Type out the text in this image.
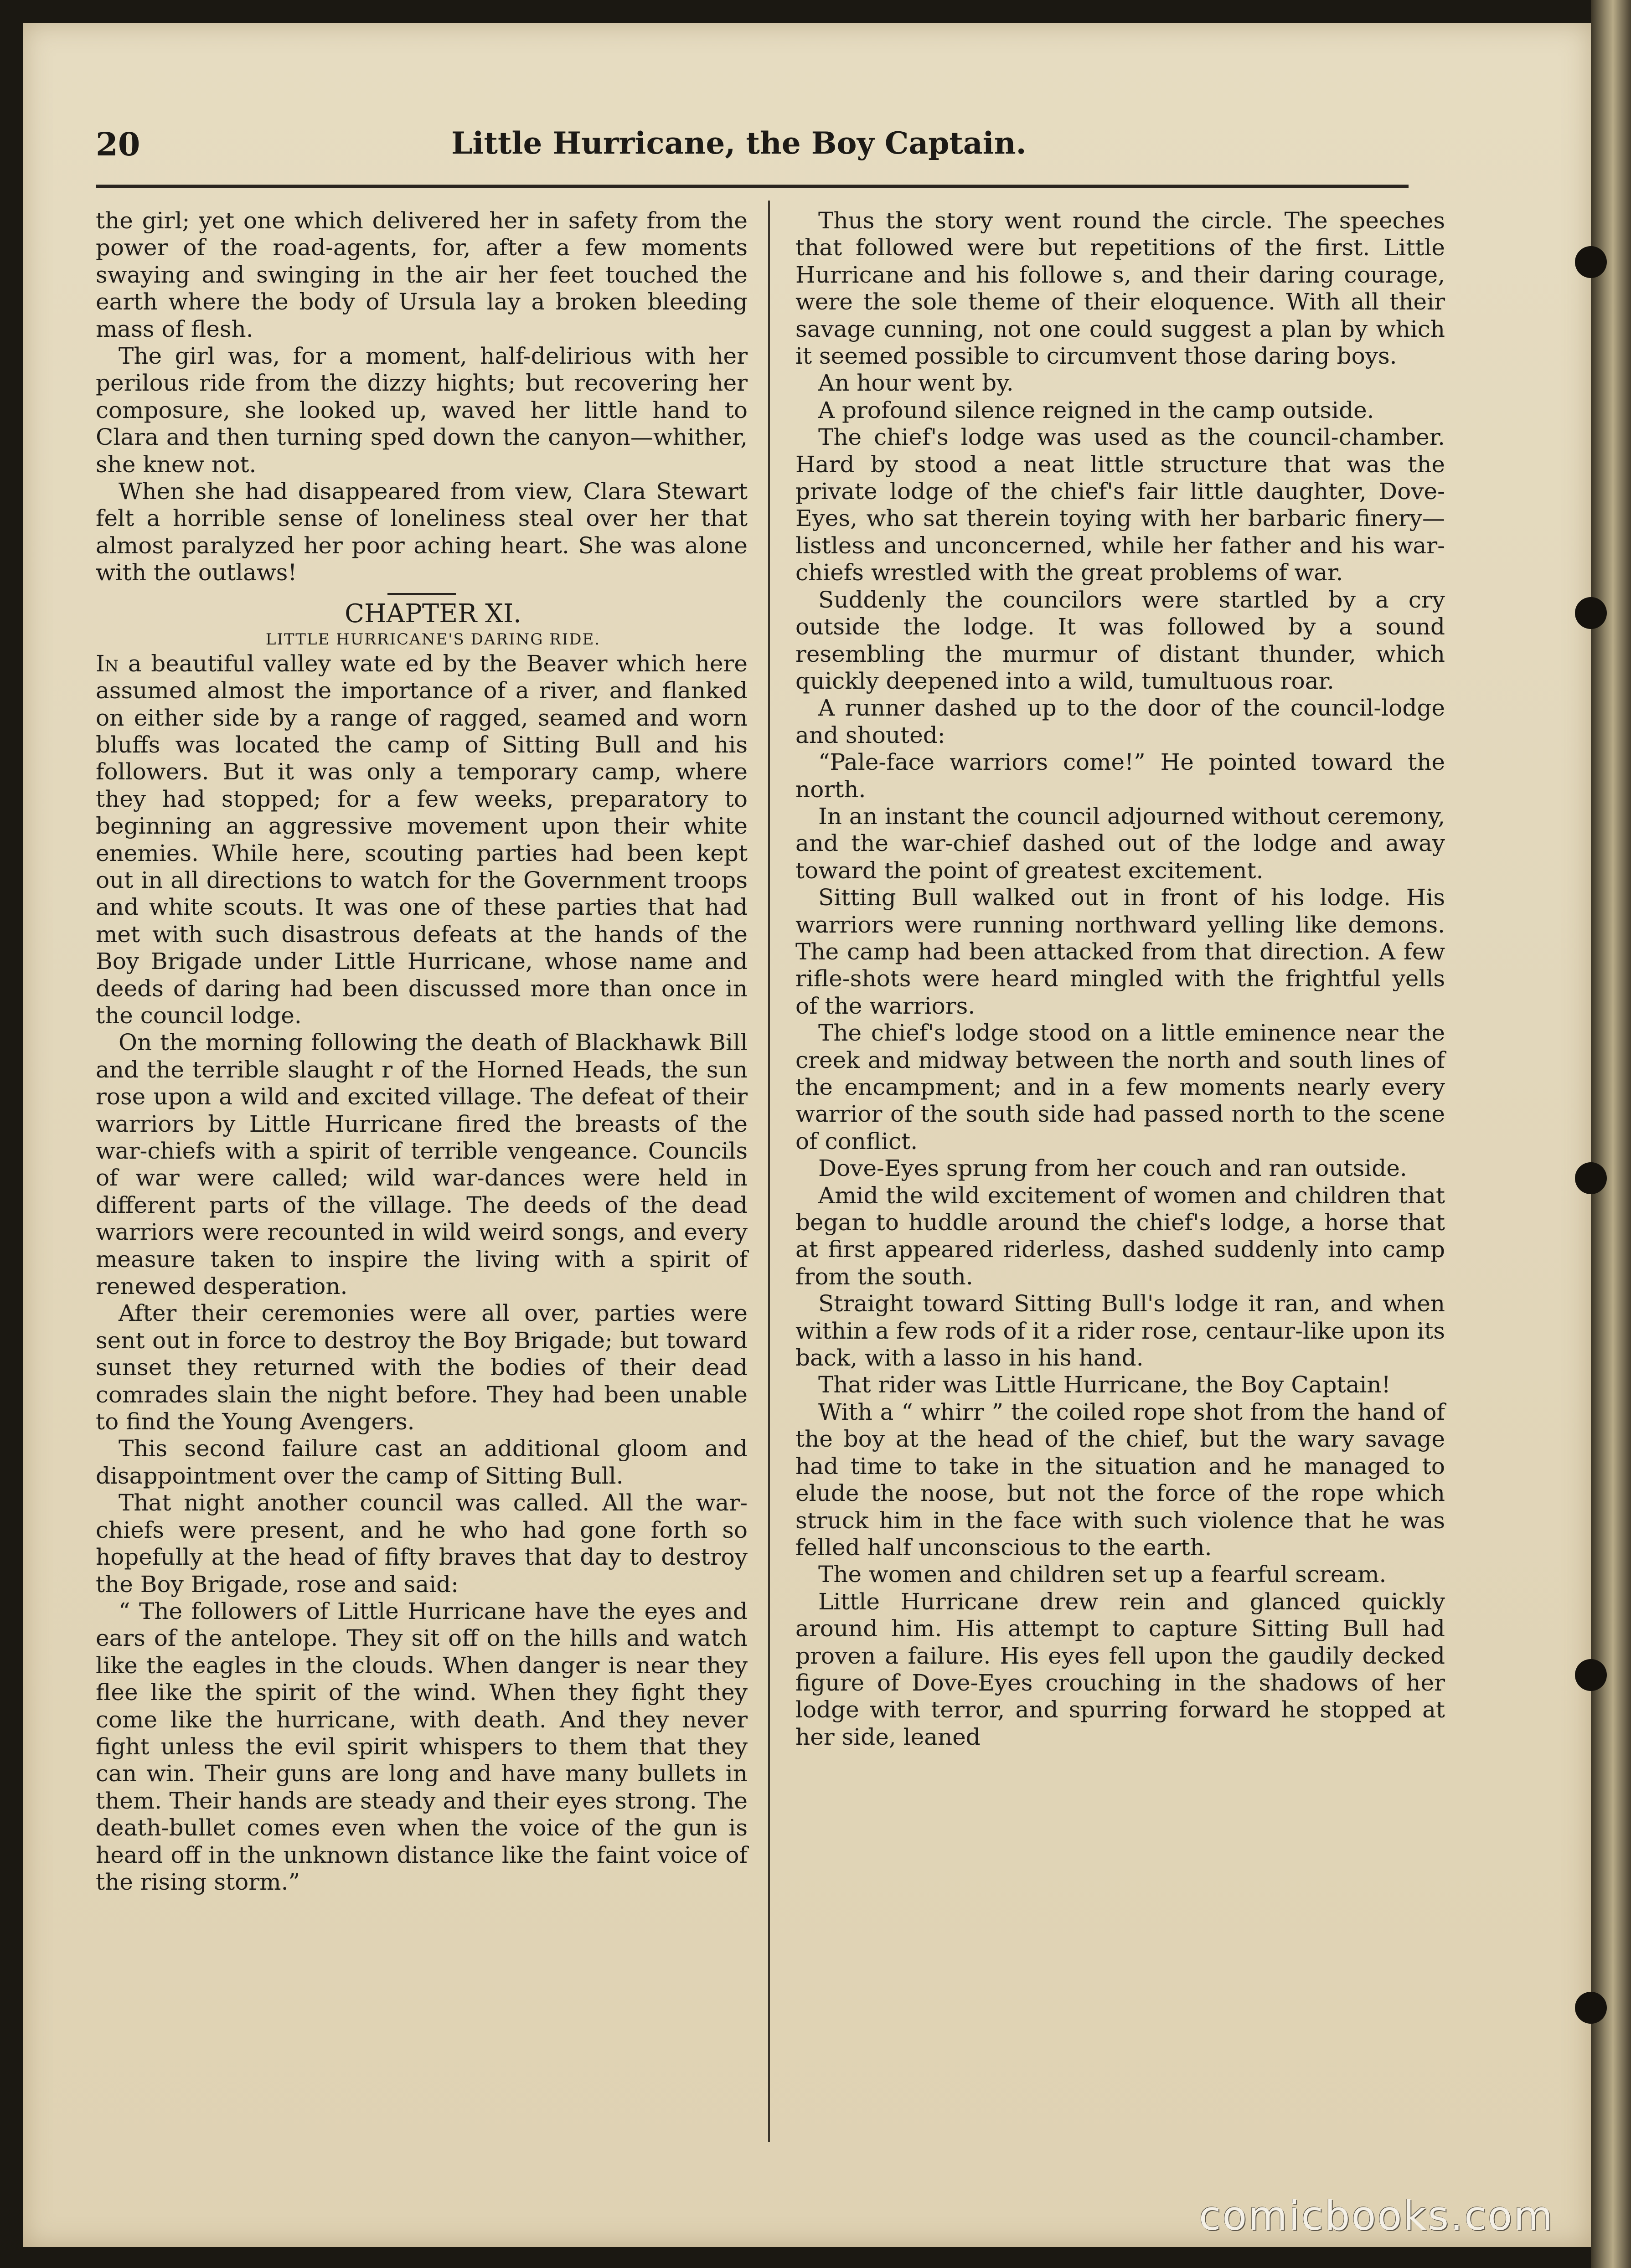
20	Little Hurricane, the Boy Captain.

the girl; yet one which delivered her in safety from the power of the road-agents, for, after a few moments swaying and swinging in the air her feet touched the earth where the body of Ursula lay a broken bleeding mass of flesh.

The girl was, for a moment, half-delirious with her perilous ride from the dizzy hights; but recovering her composure, she looked up, waved her little hand to Clara and then turning sped down the canyon—whither, she knew not.

When she had disappeared from view, Clara Stewart felt a horrible sense of loneliness steal over her that almost paralyzed her poor aching heart. She was alone with the outlaws!

CHAPTER XI.

LITTLE HURRICANE'S DARING RIDE.

In a beautiful valley wate ed by the Beaver which here assumed almost the importance of a river, and flanked on either side by a range of ragged, seamed and worn bluffs was located the camp of Sitting Bull and his followers. But it was only a temporary camp, where they had stopped; for a few weeks, preparatory to beginning an aggressive movement upon their white enemies. While here, scouting parties had been kept out in all directions to watch for the Government troops and white scouts. It was one of these parties that had met with such disastrous defeats at the hands of the Boy Brigade under Little Hurricane, whose name and deeds of daring had been discussed more than once in the council lodge.

On the morning following the death of Blackhawk Bill and the terrible slaught r of the Horned Heads, the sun rose upon a wild and excited village. The defeat of their warriors by Little Hurricane fired the breasts of the war-chiefs with a spirit of terrible vengeance. Councils of war were called; wild war-dances were held in different parts of the village. The deeds of the dead warriors were recounted in wild weird songs, and every measure taken to inspire the living with a spirit of renewed desperation.

After their ceremonies were all over, parties were sent out in force to destroy the Boy Brigade; but toward sunset they returned with the bodies of their dead comrades slain the night before. They had been unable to find the Young Avengers.

This second failure cast an additional gloom and disappointment over the camp of Sitting Bull.

That night another council was called. All the war-chiefs were present, and he who had gone forth so hopefully at the head of fifty braves that day to destroy the Boy Brigade, rose and said:

“ The followers of Little Hurricane have the eyes and ears of the antelope. They sit off on the hills and watch like the eagles in the clouds. When danger is near they flee like the spirit of the wind. When they fight they come like the hurricane, with death. And they never fight unless the evil spirit whispers to them that they can win. Their guns are long and have many bullets in them. Their hands are steady and their eyes strong. The death-bullet comes even when the voice of the gun is heard off in the unknown distance like the faint voice of the rising storm.”

Thus the story went round the circle. The speeches that followed were but repetitions of the first. Little Hurricane and his followe s, and their daring courage, were the sole theme of their eloquence. With all their savage cunning, not one could suggest a plan by which it seemed possible to circumvent those daring boys.

An hour went by.

A profound silence reigned in the camp outside.

The chief's lodge was used as the council-chamber. Hard by stood a neat little structure that was the private lodge of the chief's fair little daughter, Dove-Eyes, who sat therein toying with her barbaric finery—listless and unconcerned, while her father and his war-chiefs wrestled with the great problems of war.

Suddenly the councilors were startled by a cry outside the lodge. It was followed by a sound resembling the murmur of distant thunder, which quickly deepened into a wild, tumultuous roar.

A runner dashed up to the door of the council-lodge and shouted:

“Pale-face warriors come!” He pointed toward the north.

In an instant the council adjourned without ceremony, and the war-chief dashed out of the lodge and away toward the point of greatest excitement.

Sitting Bull walked out in front of his lodge. His warriors were running northward yelling like demons. The camp had been attacked from that direction. A few rifle-shots were heard mingled with the frightful yells of the warriors.

The chief's lodge stood on a little eminence near the creek and midway between the north and south lines of the encampment; and in a few moments nearly every warrior of the south side had passed north to the scene of conflict.

Dove-Eyes sprung from her couch and ran outside.

Amid the wild excitement of women and children that began to huddle around the chief's lodge, a horse that at first appeared riderless, dashed suddenly into camp from the south.

Straight toward Sitting Bull's lodge it ran, and when within a few rods of it a rider rose, centaur-like upon its back, with a lasso in his hand.

That rider was Little Hurricane, the Boy Captain!

With a “ whirr ” the coiled rope shot from the hand of the boy at the head of the chief, but the wary savage had time to take in the situation and he managed to elude the noose, but not the force of the rope which struck him in the face with such violence that he was felled half unconscious to the earth.

The women and children set up a fearful scream.

Little Hurricane drew rein and glanced quickly around him. His attempt to capture Sitting Bull had proven a failure. His eyes fell upon the gaudily decked figure of Dove-Eyes crouching in the shadows of her lodge with terror, and spurring forward he stopped at her side, leaned

comicbooks.com
